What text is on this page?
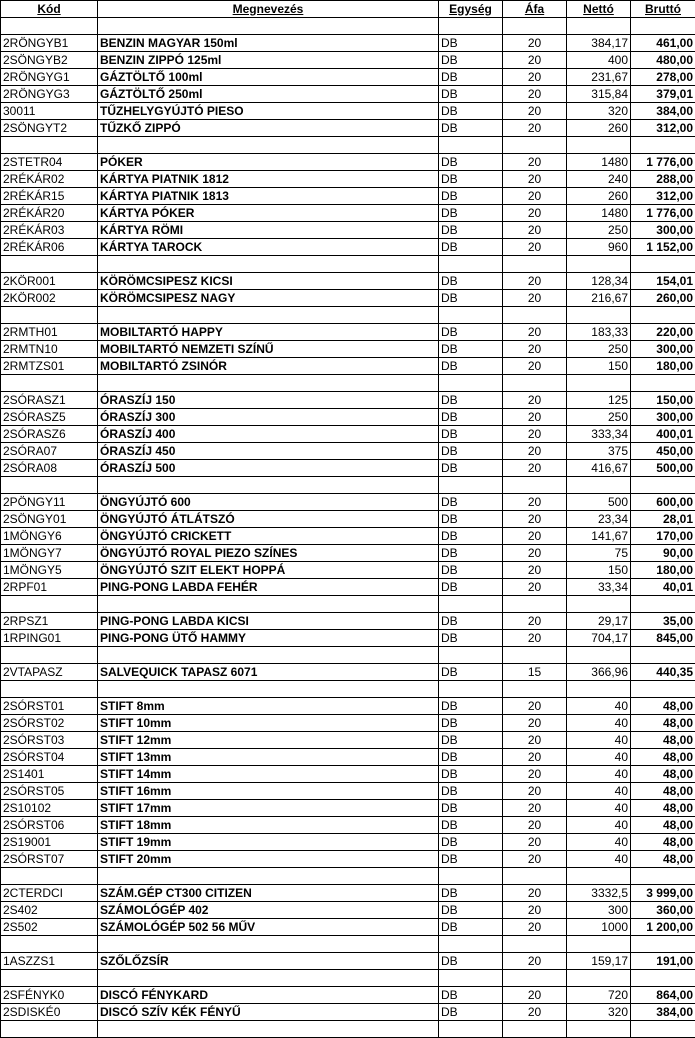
Kód	Megnevezés	Egység	Áfa	Nettó	Bruttó

2RÖNGYB1	BENZIN MAGYAR 150ml	DB	20	384,17	461,00
2SÖNGYB2	BENZIN ZIPPÓ 125ml	DB	20	400	480,00
2RÖNGYG1	GÁZTÖLTŐ 100ml	DB	20	231,67	278,00
2RÖNGYG3	GÁZTÖLTŐ 250ml	DB	20	315,84	379,01
30011	TŰZHELYGYÚJTÓ PIESO	DB	20	320	384,00
2SÖNGYT2	TŰZKŐ ZIPPÓ	DB	20	260	312,00

2STETR04	PÓKER	DB	20	1480	1 776,00
2RÉKÁR02	KÁRTYA PIATNIK 1812	DB	20	240	288,00
2RÉKÁR15	KÁRTYA PIATNIK 1813	DB	20	260	312,00
2RÉKÁR20	KÁRTYA PÓKER	DB	20	1480	1 776,00
2RÉKÁR03	KÁRTYA RÖMI	DB	20	250	300,00
2RÉKÁR06	KÁRTYA TAROCK	DB	20	960	1 152,00

2KÖR001	KÖRÖMCSIPESZ KICSI	DB	20	128,34	154,01
2KÖR002	KÖRÖMCSIPESZ NAGY	DB	20	216,67	260,00

2RMTH01	MOBILTARTÓ HAPPY	DB	20	183,33	220,00
2RMTN10	MOBILTARTÓ NEMZETI SZÍNŰ	DB	20	250	300,00
2RMTZS01	MOBILTARTÓ ZSINÓR	DB	20	150	180,00

2SÓRASZ1	ÓRASZÍJ 150	DB	20	125	150,00
2SÓRASZ5	ÓRASZÍJ 300	DB	20	250	300,00
2SÓRASZ6	ÓRASZÍJ 400	DB	20	333,34	400,01
2SÓRA07	ÓRASZÍJ 450	DB	20	375	450,00
2SÓRA08	ÓRASZÍJ 500	DB	20	416,67	500,00

2PÖNGY11	ÖNGYÚJTÓ 600	DB	20	500	600,00
2SÖNGY01	ÖNGYÚJTÓ ÁTLÁTSZÓ	DB	20	23,34	28,01
1MÖNGY6	ÖNGYÚJTÓ CRICKETT	DB	20	141,67	170,00
1MÖNGY7	ÖNGYÚJTÓ ROYAL PIEZO SZÍNES	DB	20	75	90,00
1MÖNGY5	ÖNGYÚJTÓ SZIT ELEKT HOPPÁ	DB	20	150	180,00
2RPF01	PING-PONG LABDA FEHÉR	DB	20	33,34	40,01

2RPSZ1	PING-PONG LABDA KICSI	DB	20	29,17	35,00
1RPING01	PING-PONG ÜTŐ HAMMY	DB	20	704,17	845,00

2VTAPASZ	SALVEQUICK TAPASZ 6071	DB	15	366,96	440,35

2SÓRST01	STIFT 8mm	DB	20	40	48,00
2SÓRST02	STIFT 10mm	DB	20	40	48,00
2SÓRST03	STIFT 12mm	DB	20	40	48,00
2SÓRST04	STIFT 13mm	DB	20	40	48,00
2S1401	STIFT 14mm	DB	20	40	48,00
2SÓRST05	STIFT 16mm	DB	20	40	48,00
2S10102	STIFT 17mm	DB	20	40	48,00
2SÓRST06	STIFT 18mm	DB	20	40	48,00
2S19001	STIFT 19mm	DB	20	40	48,00
2SÓRST07	STIFT 20mm	DB	20	40	48,00

2CTERDCI	SZÁM.GÉP CT300 CITIZEN	DB	20	3332,5	3 999,00
2S402	SZÁMOLÓGÉP 402	DB	20	300	360,00
2S502	SZÁMOLÓGÉP 502 56 MŰV	DB	20	1000	1 200,00

1ASZZS1	SZŐLŐZSÍR	DB	20	159,17	191,00

2SFÉNYK0	DISCÓ FÉNYKARD	DB	20	720	864,00
2SDISKÉ0	DISCÓ SZÍV KÉK FÉNYŰ	DB	20	320	384,00
